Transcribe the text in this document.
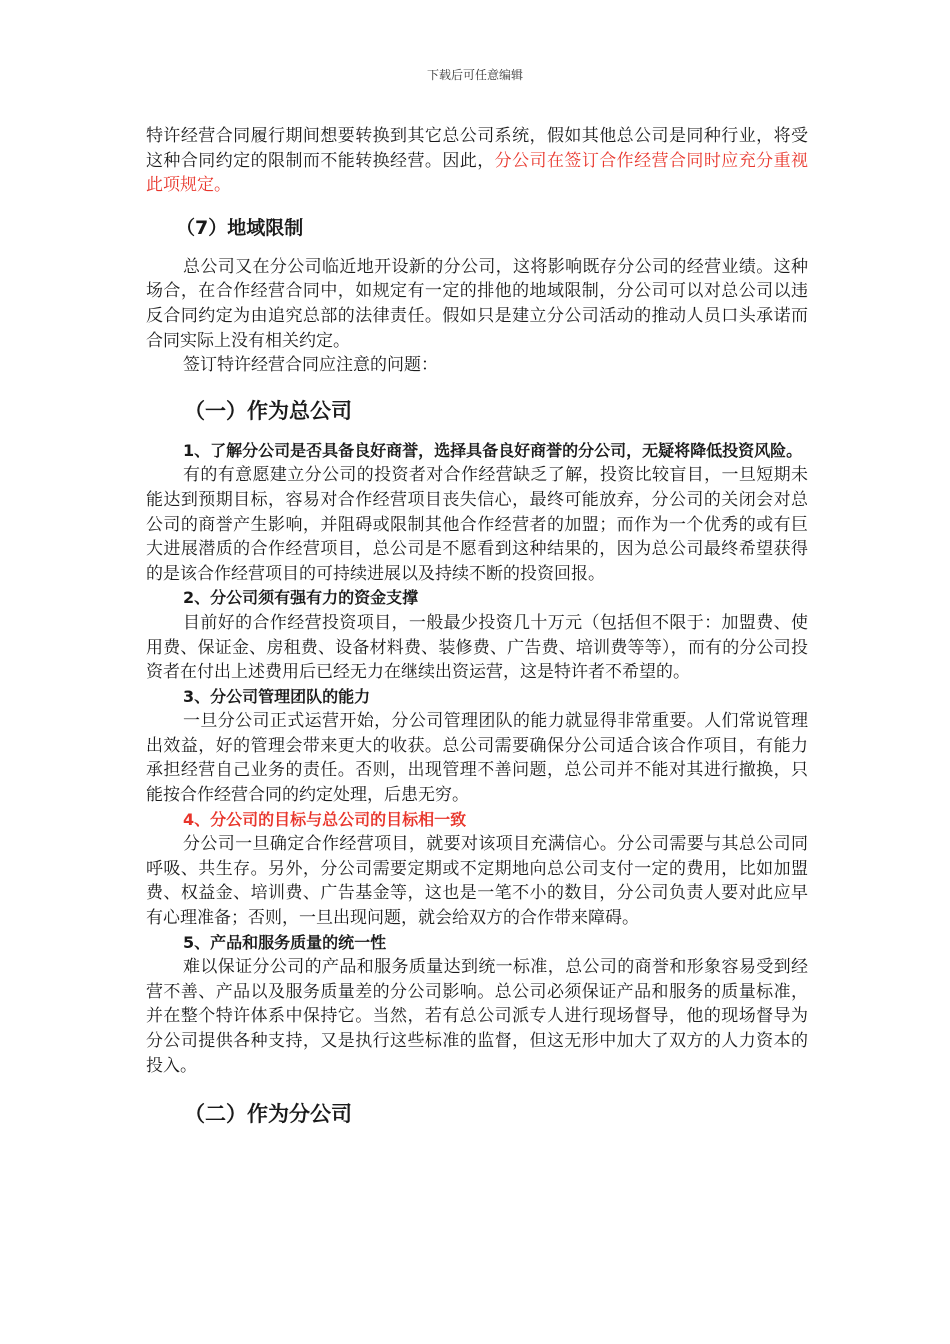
下载后可任意编辑

特许经营合同履行期间想要转换到其它总公司系统，假如其他总公司是同种行业，将受这种合同约定的限制而不能转换经营。因此，分公司在签订合作经营合同时应充分重视此项规定。

（7）地域限制

总公司又在分公司临近地开设新的分公司，这将影响既存分公司的经营业绩。这种场合，在合作经营合同中，如规定有一定的排他的地域限制，分公司可以对总公司以违反合同约定为由追究总部的法律责任。假如只是建立分公司活动的推动人员口头承诺而合同实际上没有相关约定。

签订特许经营合同应注意的问题：

（一）作为总公司
1、了解分公司是否具备良好商誉，选择具备良好商誉的分公司，无疑将降低投资风险。

有的有意愿建立分公司的投资者对合作经营缺乏了解，投资比较盲目，一旦短期未能达到预期目标，容易对合作经营项目丧失信心，最终可能放弃，分公司的关闭会对总公司的商誉产生影响，并阻碍或限制其他合作经营者的加盟；而作为一个优秀的或有巨大进展潜质的合作经营项目，总公司是不愿看到这种结果的，因为总公司最终希望获得的是该合作经营项目的可持续进展以及持续不断的投资回报。

2、分公司须有强有力的资金支撑

目前好的合作经营投资项目，一般最少投资几十万元（包括但不限于：加盟费、使用费、保证金、房租费、设备材料费、装修费、广告费、培训费等等），而有的分公司投资者在付出上述费用后已经无力在继续出资运营，这是特许者不希望的。

3、分公司管理团队的能力

一旦分公司正式运营开始，分公司管理团队的能力就显得非常重要。人们常说管理出效益，好的管理会带来更大的收获。总公司需要确保分公司适合该合作项目，有能力承担经营自己业务的责任。否则，出现管理不善问题，总公司并不能对其进行撤换，只能按合作经营合同的约定处理，后患无穷。

4、分公司的目标与总公司的目标相一致

分公司一旦确定合作经营项目，就要对该项目充满信心。分公司需要与其总公司同呼吸、共生存。另外，分公司需要定期或不定期地向总公司支付一定的费用，比如加盟费、权益金、培训费、广告基金等，这也是一笔不小的数目，分公司负责人要对此应早有心理准备；否则，一旦出现问题，就会给双方的合作带来障碍。

5、产品和服务质量的统一性

难以保证分公司的产品和服务质量达到统一标准，总公司的商誉和形象容易受到经营不善、产品以及服务质量差的分公司影响。总公司必须保证产品和服务的质量标准，并在整个特许体系中保持它。当然，若有总公司派专人进行现场督导，他的现场督导为分公司提供各种支持，又是执行这些标准的监督，但这无形中加大了双方的人力资本的投入。

（二）作为分公司
